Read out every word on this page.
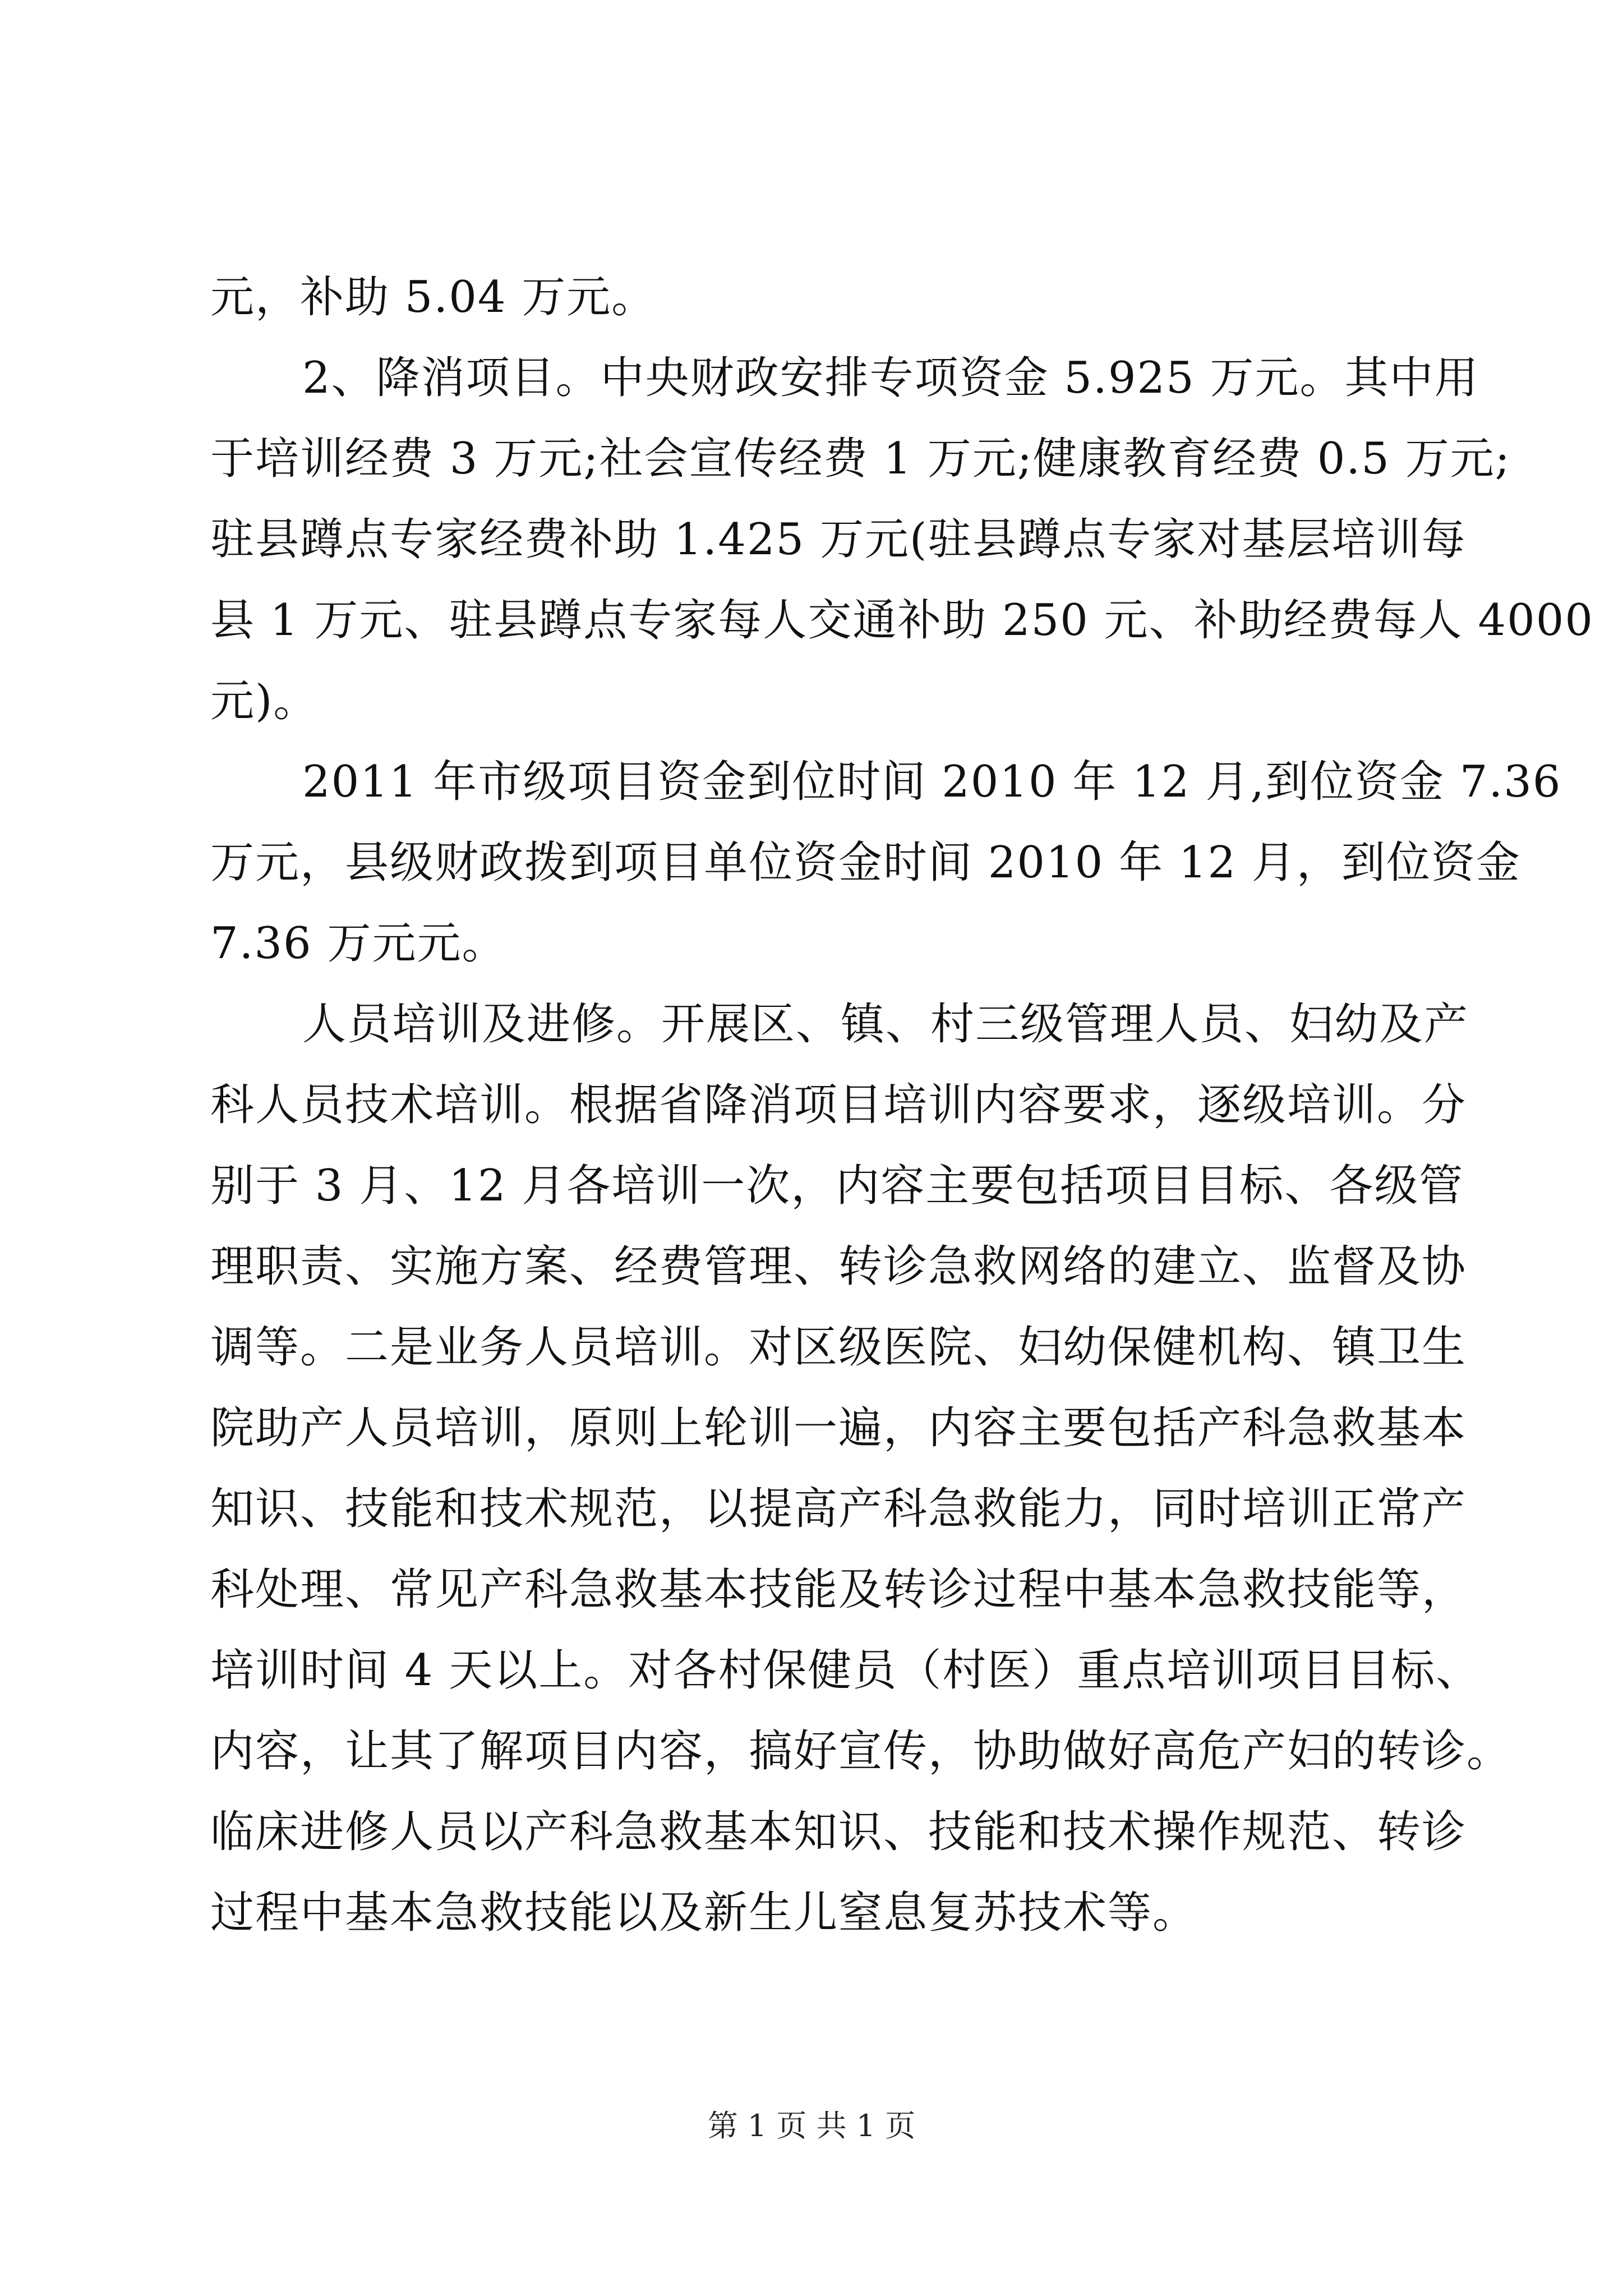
元，补助 5.04 万元。
2、降消项目。中央财政安排专项资金 5.925 万元。其中用
于培训经费 3 万元;社会宣传经费 1 万元;健康教育经费 0.5 万元;
驻县蹲点专家经费补助 1.425 万元(驻县蹲点专家对基层培训每
县 1 万元、驻县蹲点专家每人交通补助 250 元、补助经费每人 4000
元)。
2011 年市级项目资金到位时间 2010 年 12 月,到位资金 7.36
万元，县级财政拨到项目单位资金时间 2010 年 12 月，到位资金
7.36 万元元。
人员培训及进修。开展区、镇、村三级管理人员、妇幼及产
科人员技术培训。根据省降消项目培训内容要求，逐级培训。分
别于 3 月、12 月各培训一次，内容主要包括项目目标、各级管
理职责、实施方案、经费管理、转诊急救网络的建立、监督及协
调等。二是业务人员培训。对区级医院、妇幼保健机构、镇卫生
院助产人员培训，原则上轮训一遍，内容主要包括产科急救基本
知识、技能和技术规范，以提高产科急救能力，同时培训正常产
科处理、常见产科急救基本技能及转诊过程中基本急救技能等，
培训时间 4 天以上。对各村保健员（村医）重点培训项目目标、
内容，让其了解项目内容，搞好宣传，协助做好高危产妇的转诊。
临床进修人员以产科急救基本知识、技能和技术操作规范、转诊
过程中基本急救技能以及新生儿窒息复苏技术等。
第 1 页 共 1 页
